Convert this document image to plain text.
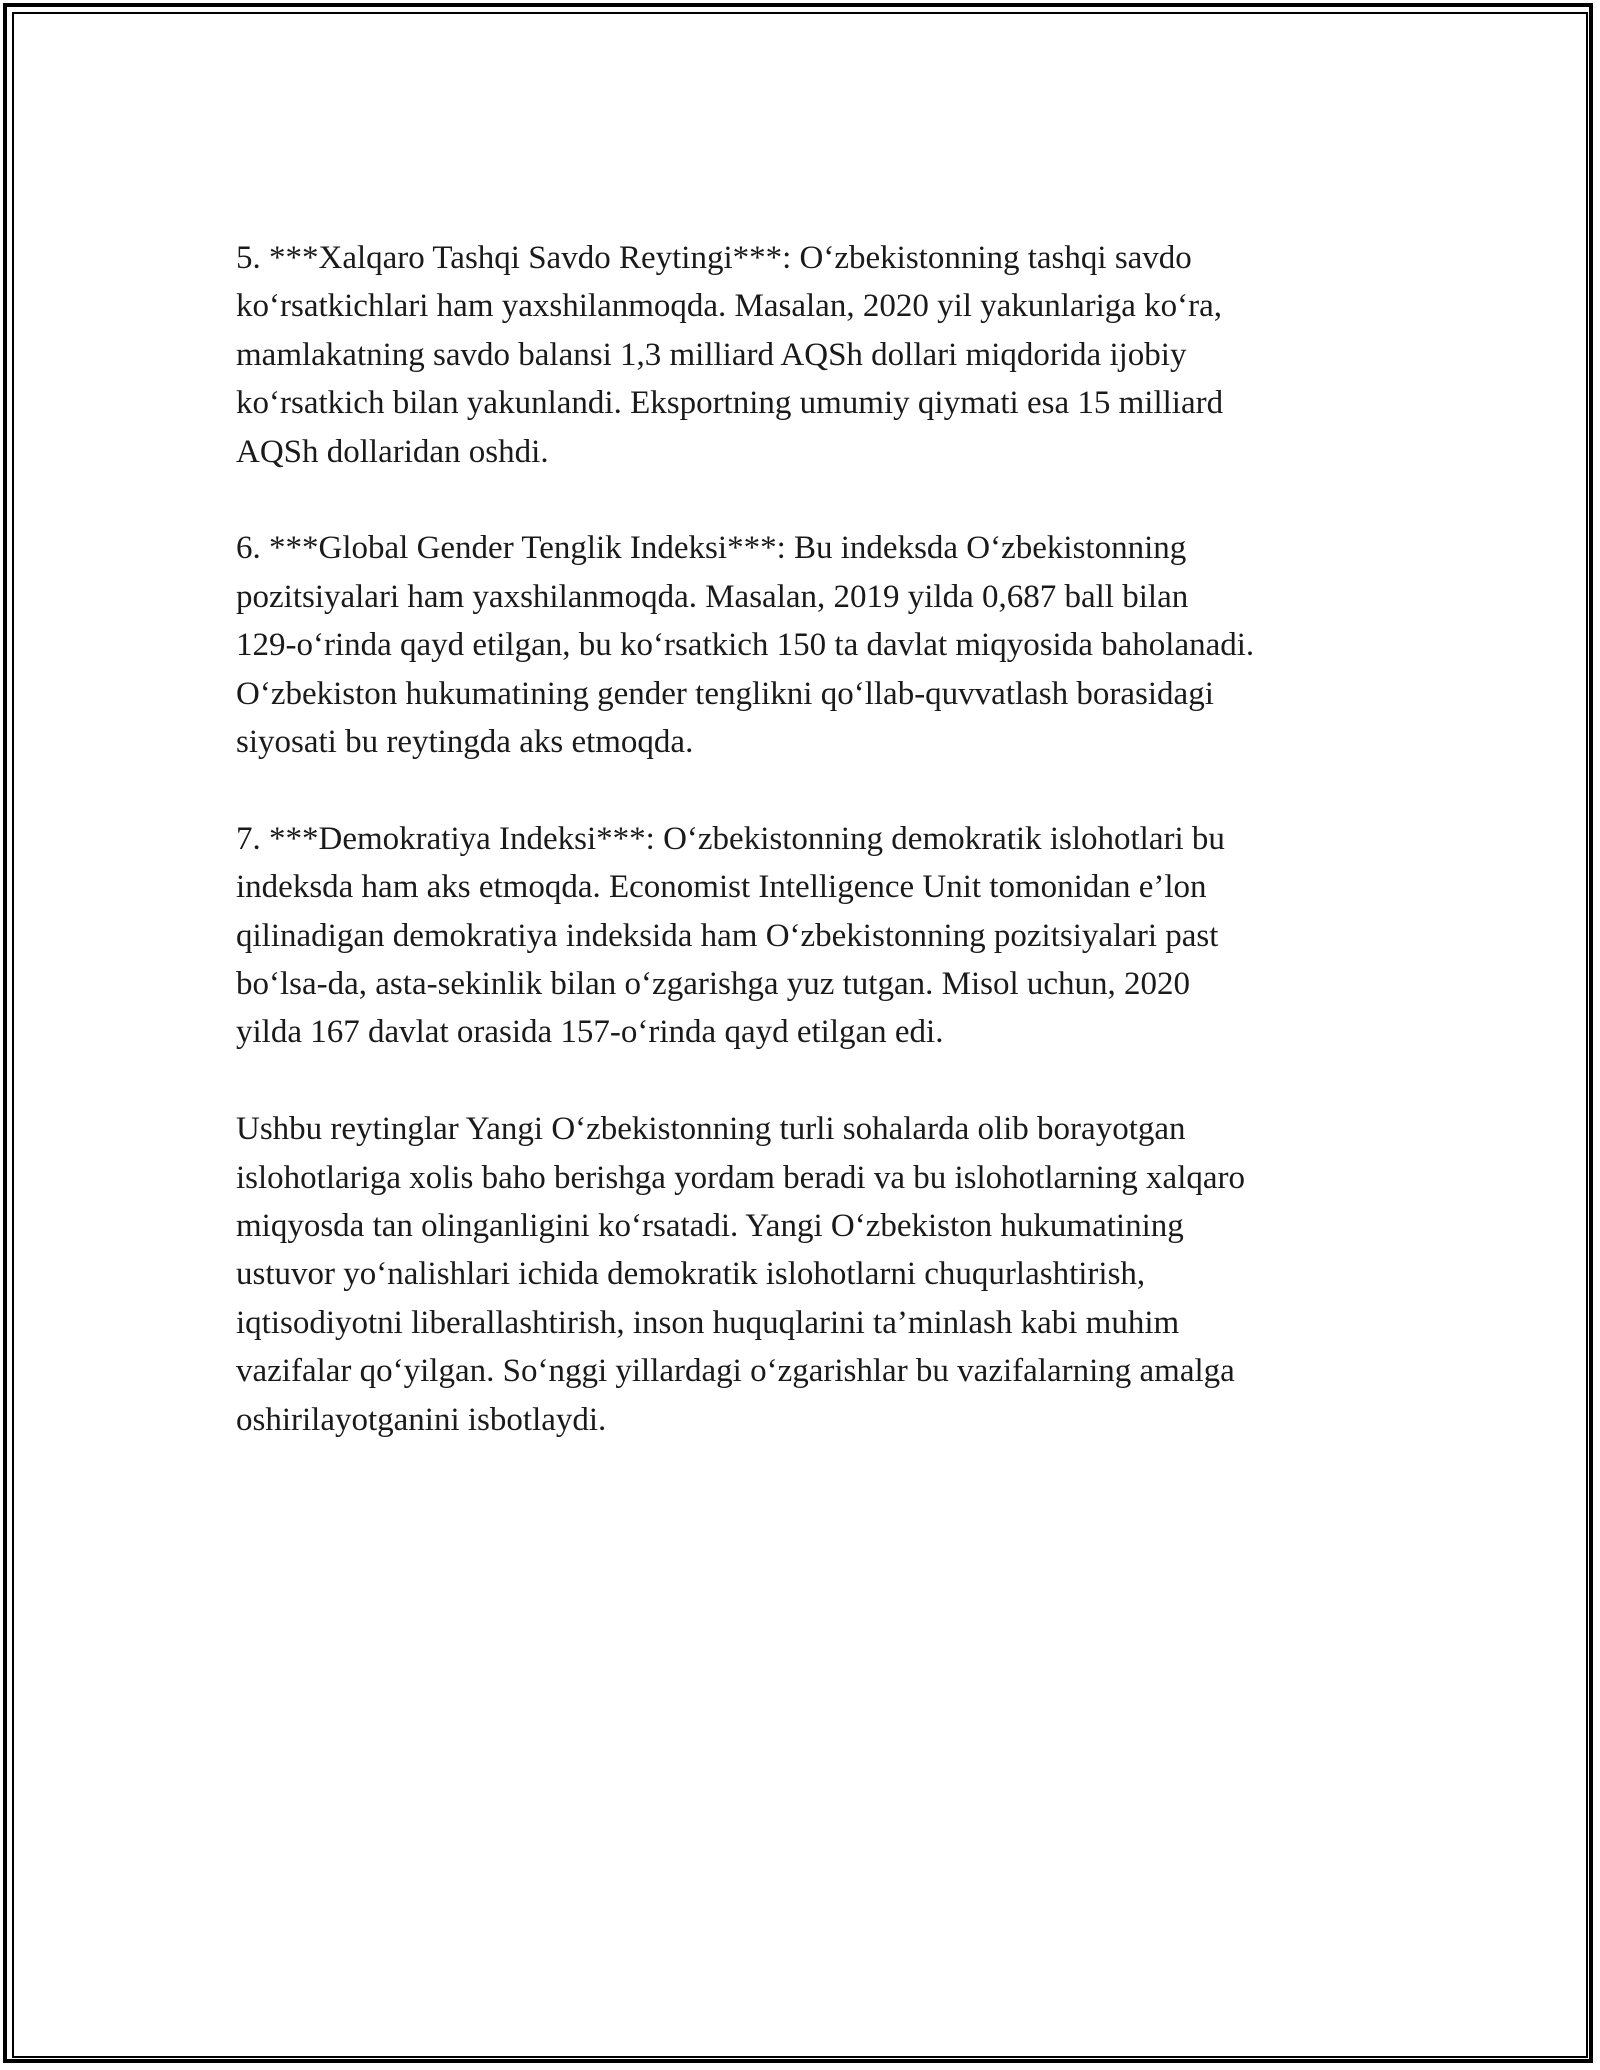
5. ***Xalqaro Tashqi Savdo Reytingi***: O‘zbekistonning tashqi savdo
ko‘rsatkichlari ham yaxshilanmoqda. Masalan, 2020 yil yakunlariga ko‘ra,
mamlakatning savdo balansi 1,3 milliard AQSh dollari miqdorida ijobiy
ko‘rsatkich bilan yakunlandi. Eksportning umumiy qiymati esa 15 milliard
AQSh dollaridan oshdi.

6. ***Global Gender Tenglik Indeksi***: Bu indeksda O‘zbekistonning
pozitsiyalari ham yaxshilanmoqda. Masalan, 2019 yilda 0,687 ball bilan
129-o‘rinda qayd etilgan, bu ko‘rsatkich 150 ta davlat miqyosida baholanadi.
O‘zbekiston hukumatining gender tenglikni qo‘llab-quvvatlash borasidagi
siyosati bu reytingda aks etmoqda.

7. ***Demokratiya Indeksi***: O‘zbekistonning demokratik islohotlari bu
indeksda ham aks etmoqda. Economist Intelligence Unit tomonidan e’lon
qilinadigan demokratiya indeksida ham O‘zbekistonning pozitsiyalari past
bo‘lsa-da, asta-sekinlik bilan o‘zgarishga yuz tutgan. Misol uchun, 2020
yilda 167 davlat orasida 157-o‘rinda qayd etilgan edi.

Ushbu reytinglar Yangi O‘zbekistonning turli sohalarda olib borayotgan
islohotlariga xolis baho berishga yordam beradi va bu islohotlarning xalqaro
miqyosda tan olinganligini ko‘rsatadi. Yangi O‘zbekiston hukumatining
ustuvor yo‘nalishlari ichida demokratik islohotlarni chuqurlashtirish,
iqtisodiyotni liberallashtirish, inson huquqlarini ta’minlash kabi muhim
vazifalar qo‘yilgan. So‘nggi yillardagi o‘zgarishlar bu vazifalarning amalga
oshirilayotganini isbotlaydi.
